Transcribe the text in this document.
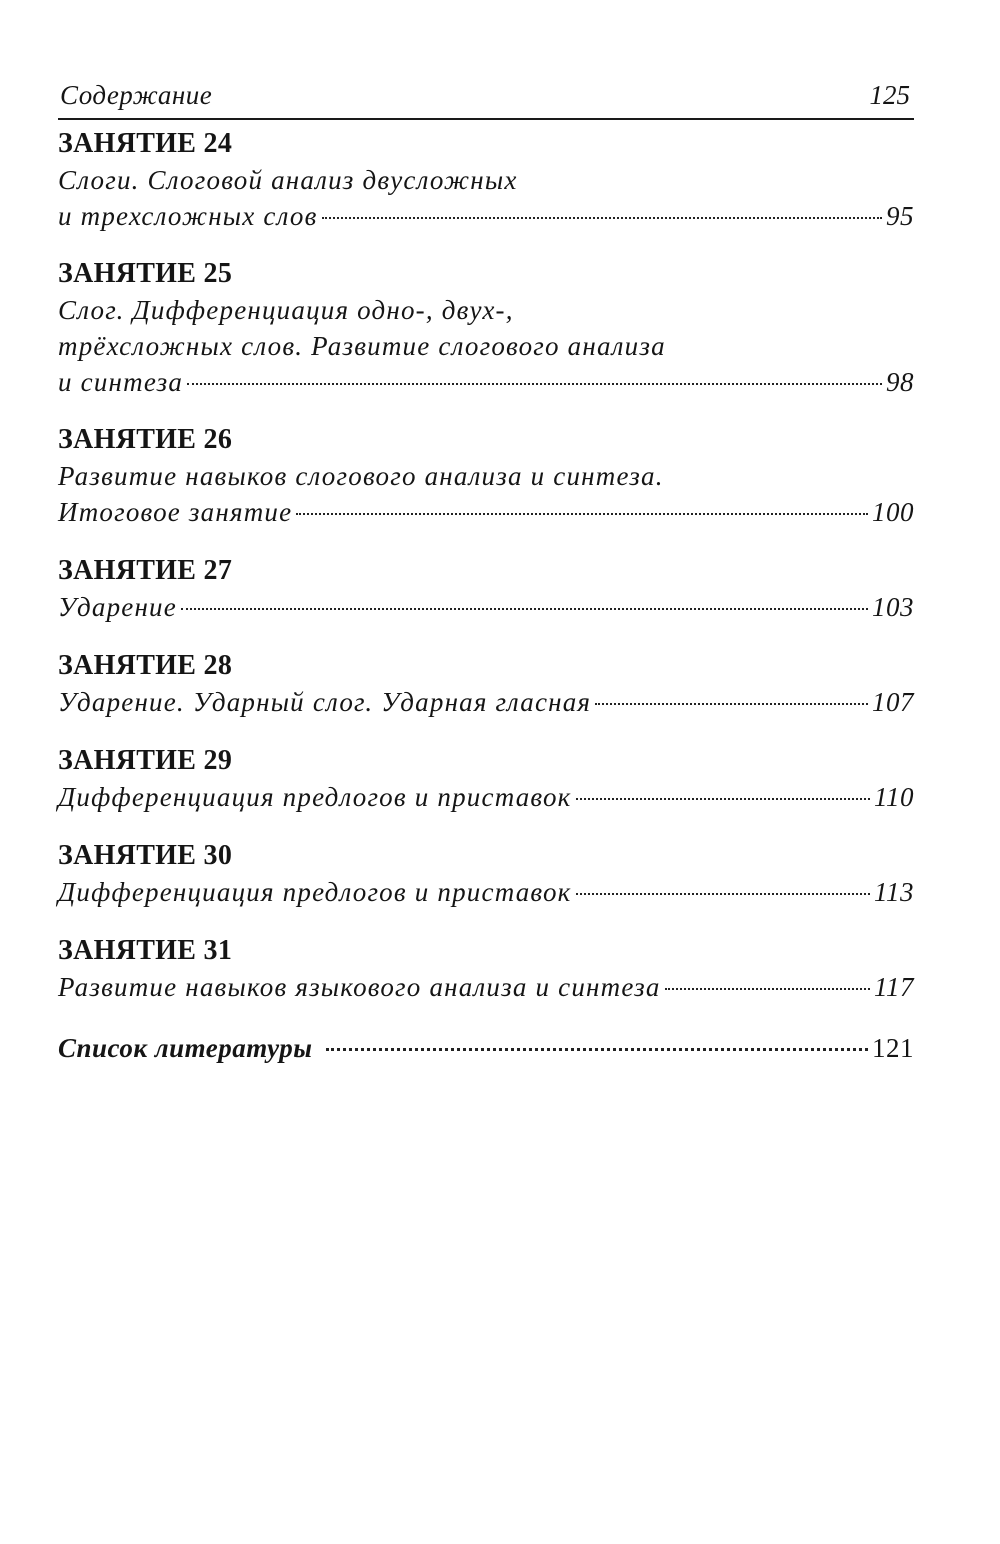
Содержание	125
ЗАНЯТИЕ 24
Слоги. Слоговой анализ двусложных
и трехсложных слов	95
ЗАНЯТИЕ 25
Слог. Дифференциация одно-, двух-,
трёхсложных слов. Развитие слогового анализа
и синтеза	98
ЗАНЯТИЕ 26
Развитие навыков слогового анализа и синтеза.
Итоговое занятие	100
ЗАНЯТИЕ 27
Ударение	103
ЗАНЯТИЕ 28
Ударение. Ударный слог. Ударная гласная	107
ЗАНЯТИЕ 29
Дифференциация предлогов и приставок	110
ЗАНЯТИЕ 30
Дифференциация предлогов и приставок	113
ЗАНЯТИЕ 31
Развитие навыков языкового анализа и синтеза	117
Список литературы	121
